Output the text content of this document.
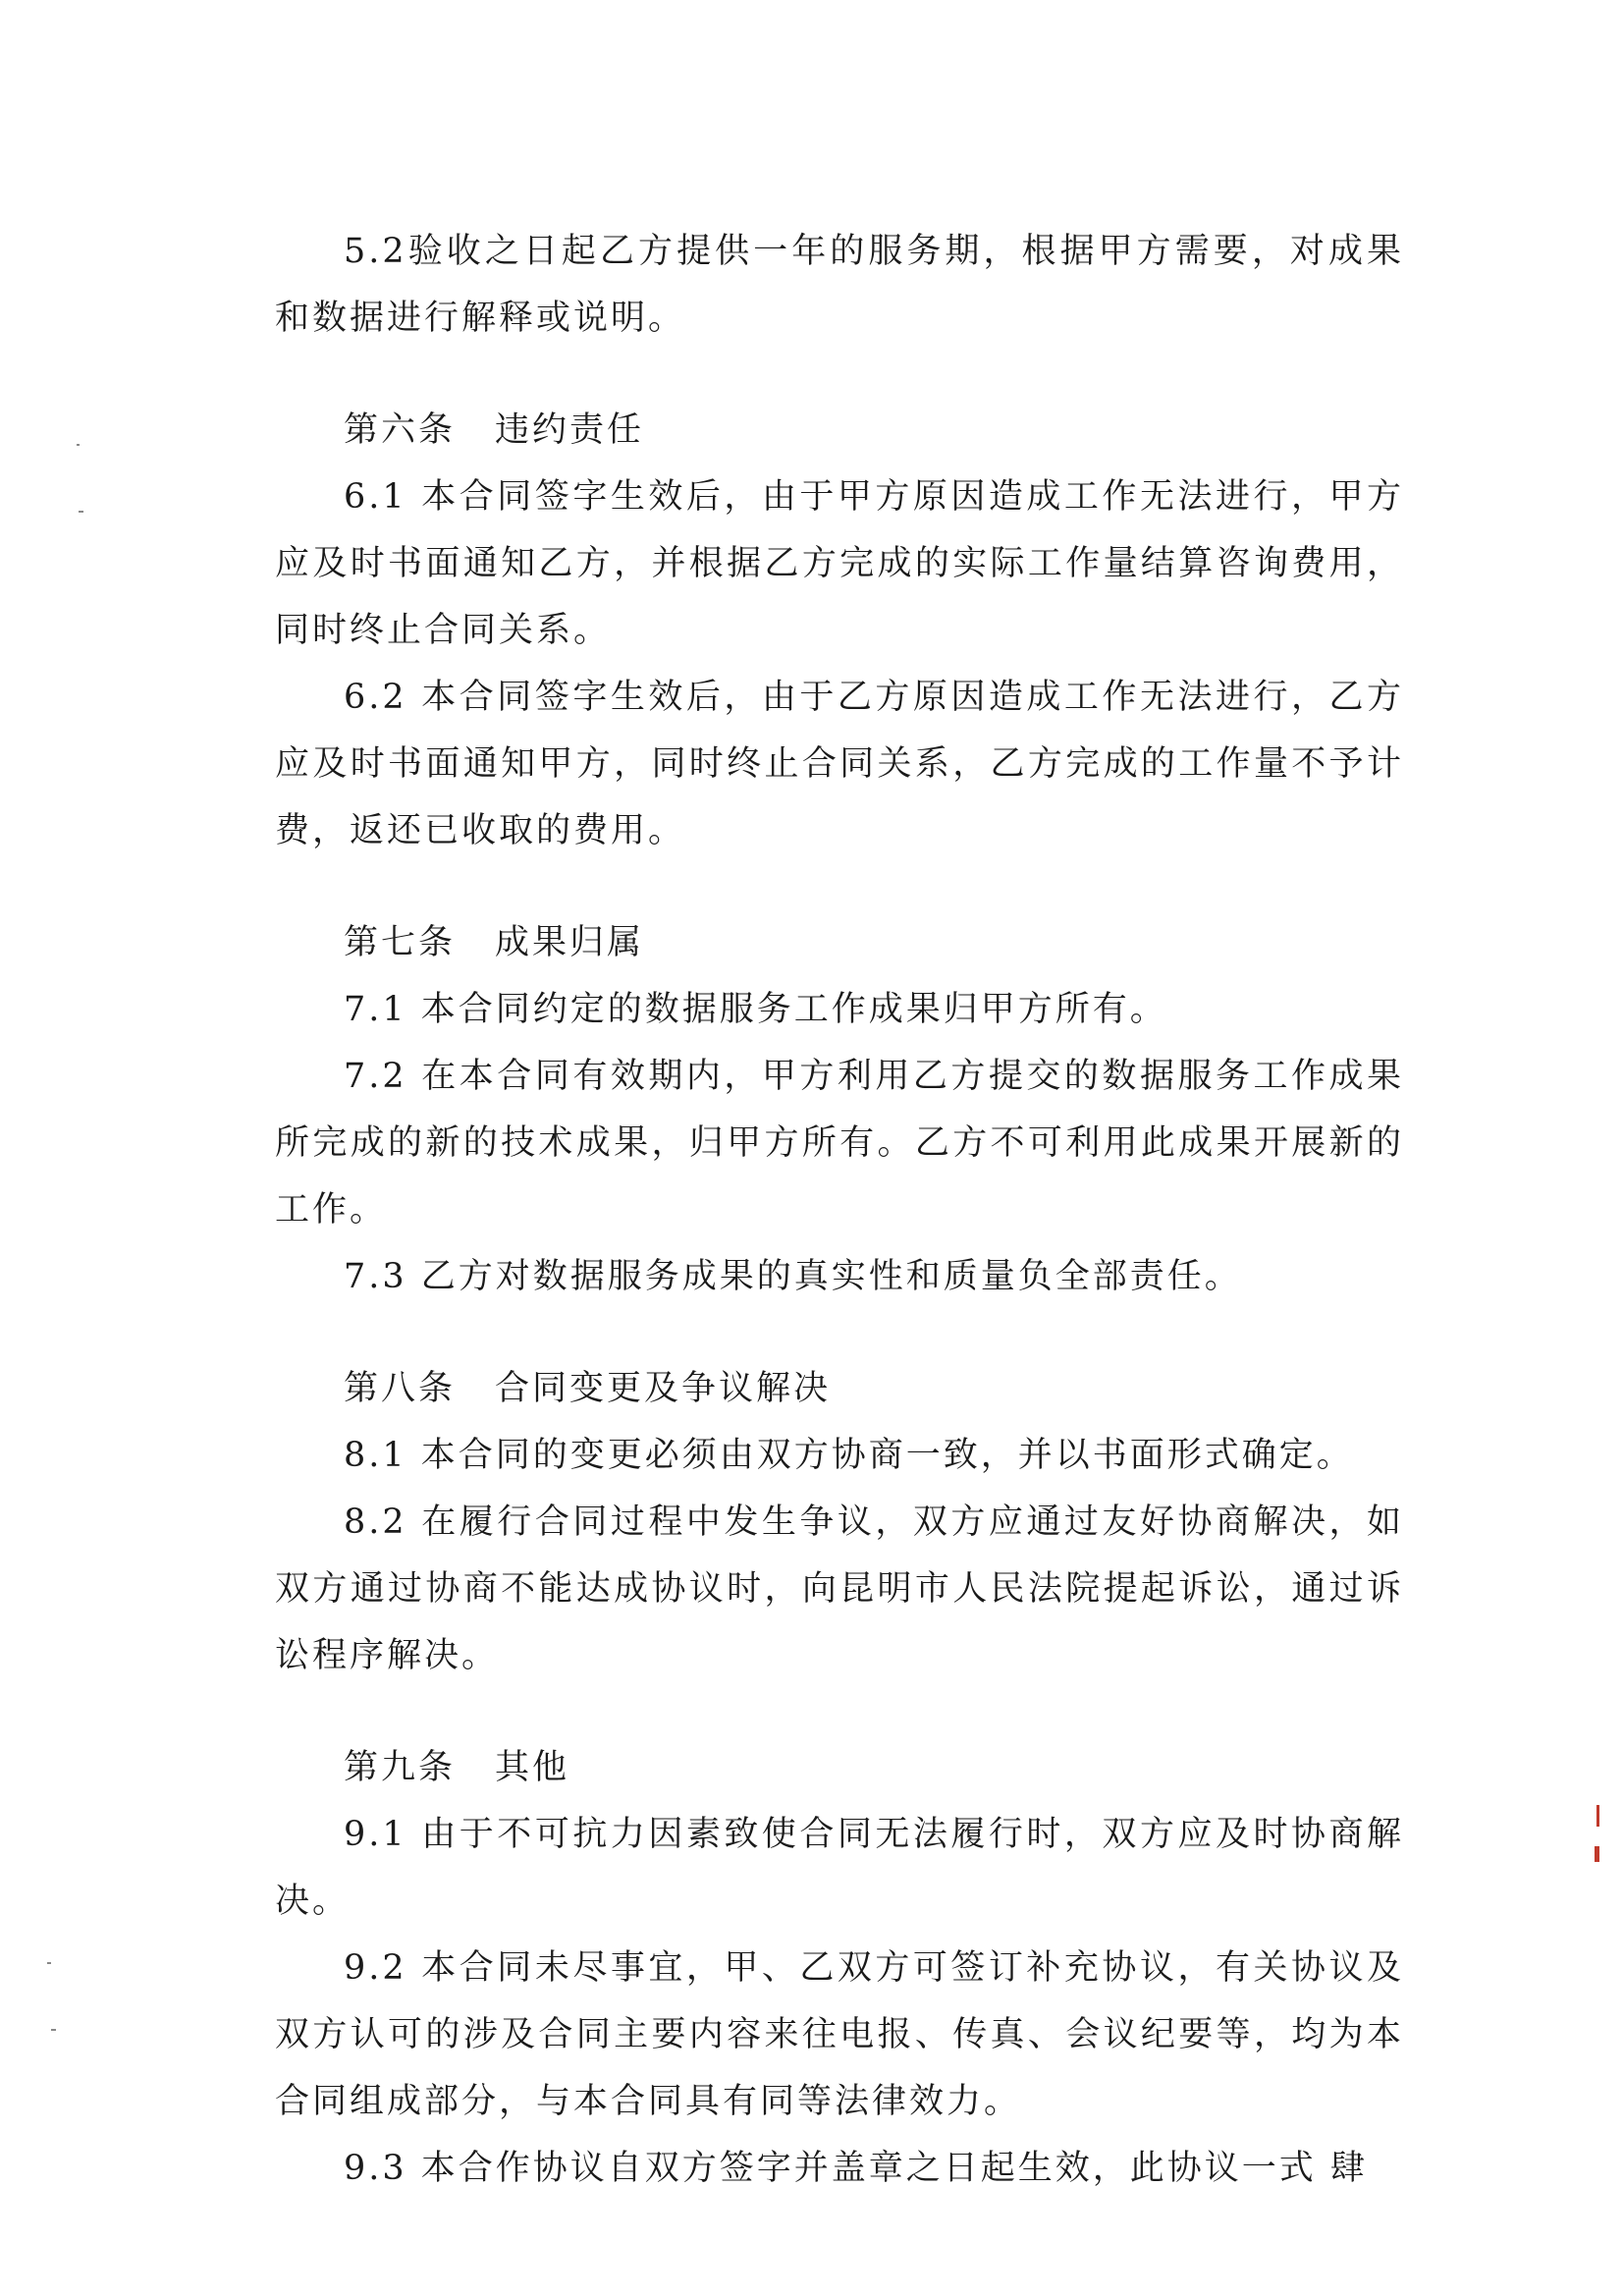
5.2验收之日起乙方提供一年的服务期，根据甲方需要，对成果和数据进行解释或说明。

第六条 违约责任

6.1 本合同签字生效后，由于甲方原因造成工作无法进行，甲方应及时书面通知乙方，并根据乙方完成的实际工作量结算咨询费用，同时终止合同关系。

6.2 本合同签字生效后，由于乙方原因造成工作无法进行，乙方应及时书面通知甲方，同时终止合同关系，乙方完成的工作量不予计费，返还已收取的费用。

第七条 成果归属

7.1 本合同约定的数据服务工作成果归甲方所有。

7.2 在本合同有效期内，甲方利用乙方提交的数据服务工作成果所完成的新的技术成果，归甲方所有。乙方不可利用此成果开展新的工作。

7.3 乙方对数据服务成果的真实性和质量负全部责任。

第八条 合同变更及争议解决

8.1 本合同的变更必须由双方协商一致，并以书面形式确定。

8.2 在履行合同过程中发生争议，双方应通过友好协商解决，如双方通过协商不能达成协议时，向昆明市人民法院提起诉讼，通过诉讼程序解决。

第九条 其他

9.1 由于不可抗力因素致使合同无法履行时，双方应及时协商解决。

9.2 本合同未尽事宜，甲、乙双方可签订补充协议，有关协议及双方认可的涉及合同主要内容来往电报、传真、会议纪要等，均为本合同组成部分，与本合同具有同等法律效力。

9.3 本合作协议自双方签字并盖章之日起生效，此协议一式 肆
